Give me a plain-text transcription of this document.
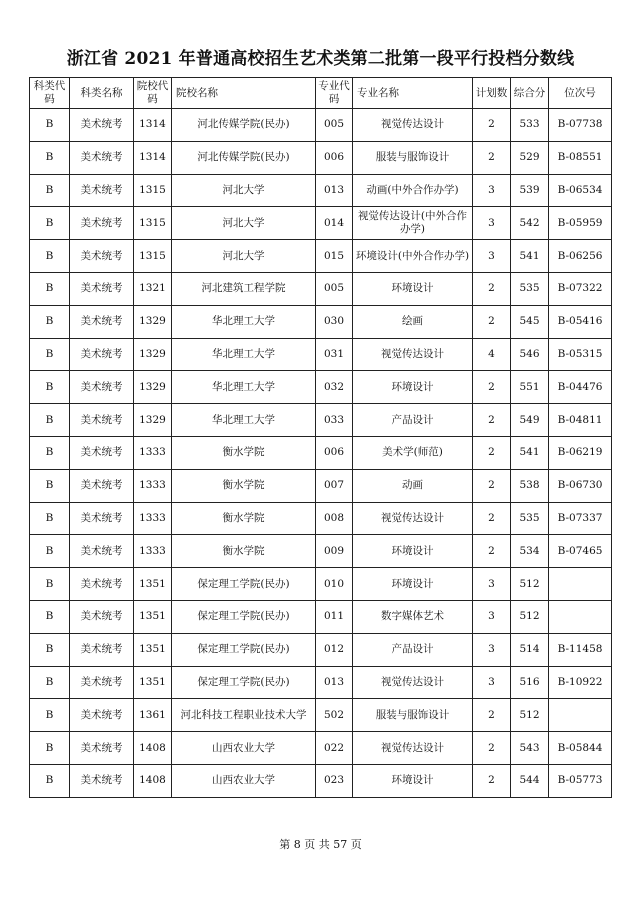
浙江省 2021 年普通高校招生艺术类第二批第一段平行投档分数线
科类代码	科类名称	院校代码	院校名称	专业代码	专业名称	计划数	综合分	位次号
B	美术统考	1314	河北传媒学院(民办)	005	视觉传达设计	2	533	B-07738
B	美术统考	1314	河北传媒学院(民办)	006	服装与服饰设计	2	529	B-08551
B	美术统考	1315	河北大学	013	动画(中外合作办学)	3	539	B-06534
B	美术统考	1315	河北大学	014	视觉传达设计(中外合作办学)	3	542	B-05959
B	美术统考	1315	河北大学	015	环境设计(中外合作办学)	3	541	B-06256
B	美术统考	1321	河北建筑工程学院	005	环境设计	2	535	B-07322
B	美术统考	1329	华北理工大学	030	绘画	2	545	B-05416
B	美术统考	1329	华北理工大学	031	视觉传达设计	4	546	B-05315
B	美术统考	1329	华北理工大学	032	环境设计	2	551	B-04476
B	美术统考	1329	华北理工大学	033	产品设计	2	549	B-04811
B	美术统考	1333	衡水学院	006	美术学(师范)	2	541	B-06219
B	美术统考	1333	衡水学院	007	动画	2	538	B-06730
B	美术统考	1333	衡水学院	008	视觉传达设计	2	535	B-07337
B	美术统考	1333	衡水学院	009	环境设计	2	534	B-07465
B	美术统考	1351	保定理工学院(民办)	010	环境设计	3	512	
B	美术统考	1351	保定理工学院(民办)	011	数字媒体艺术	3	512	
B	美术统考	1351	保定理工学院(民办)	012	产品设计	3	514	B-11458
B	美术统考	1351	保定理工学院(民办)	013	视觉传达设计	3	516	B-10922
B	美术统考	1361	河北科技工程职业技术大学	502	服装与服饰设计	2	512	
B	美术统考	1408	山西农业大学	022	视觉传达设计	2	543	B-05844
B	美术统考	1408	山西农业大学	023	环境设计	2	544	B-05773
第 8 页 共 57 页
